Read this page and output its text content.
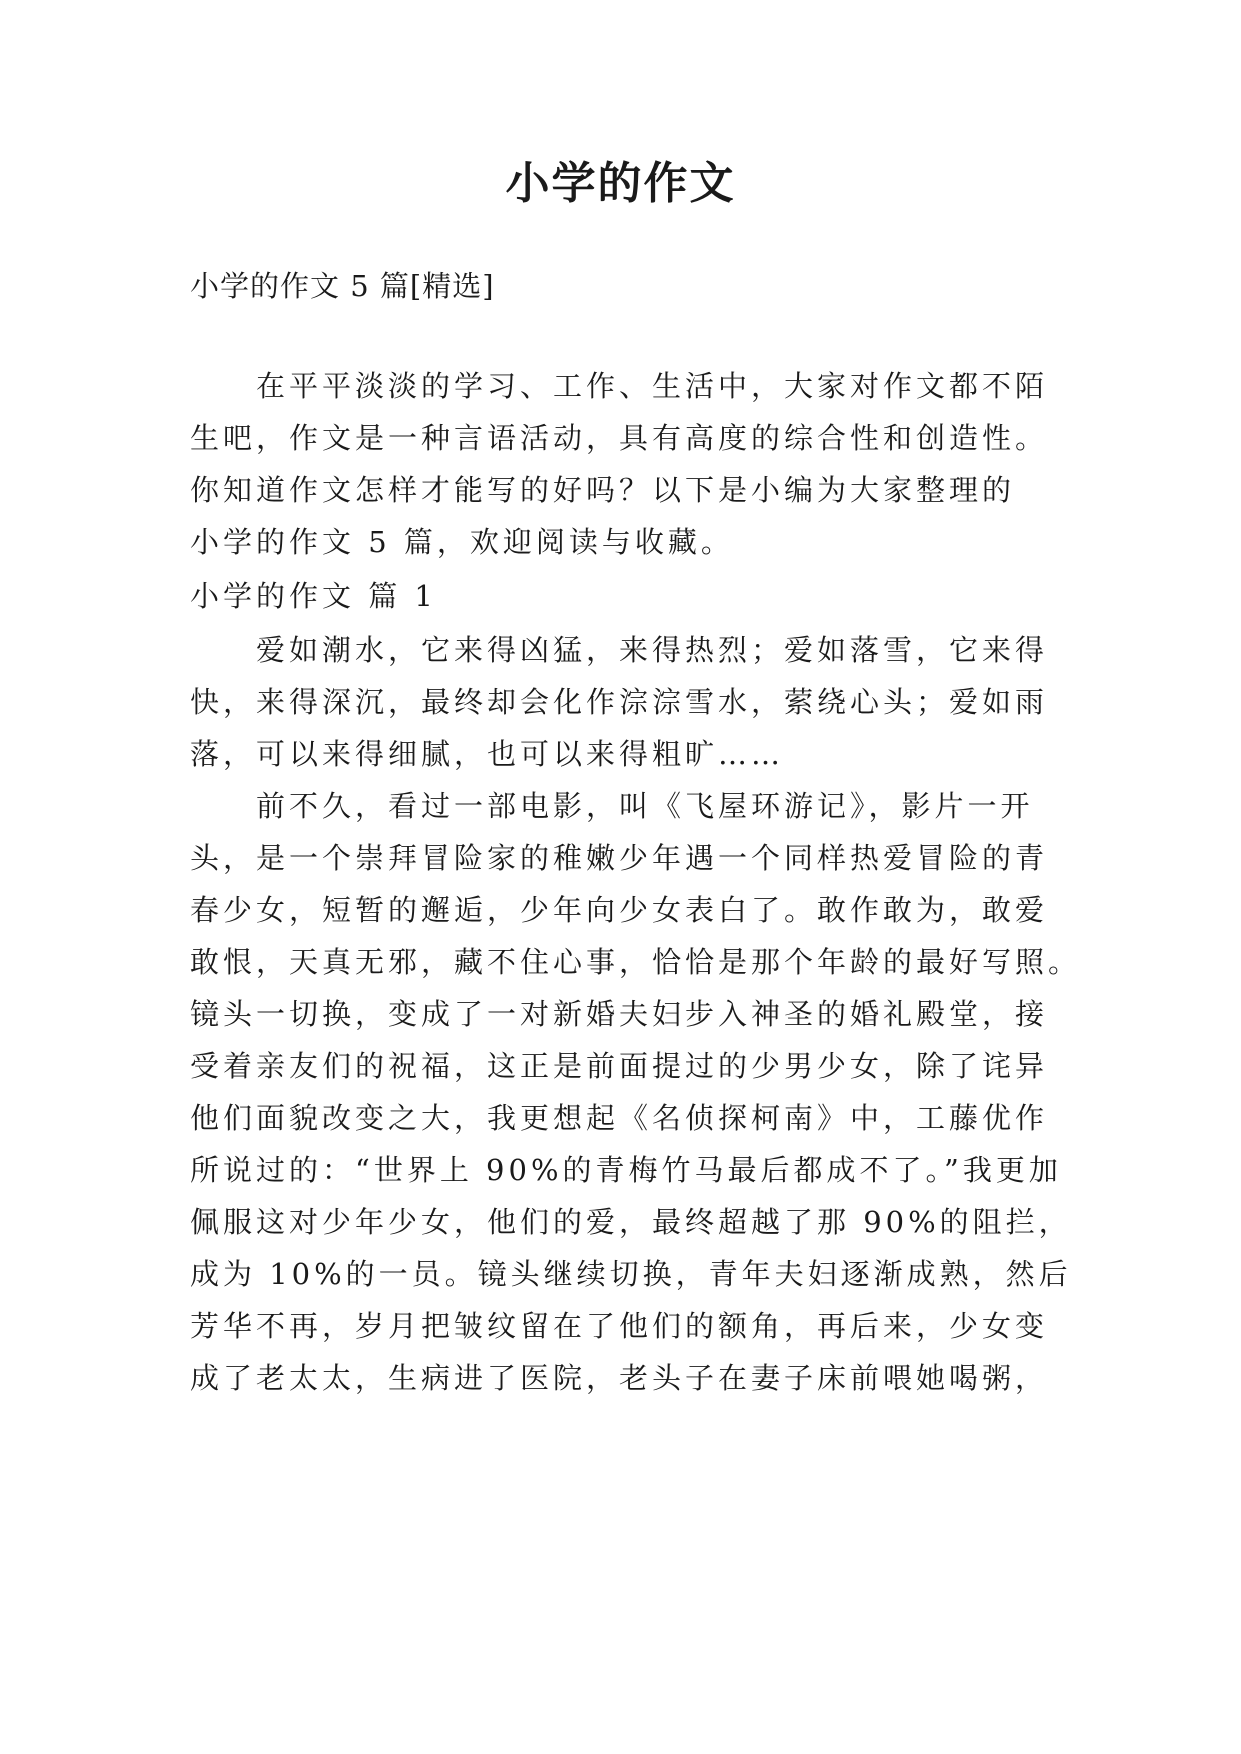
小学的作文
小学的作文 5 篇[精选]
在平平淡淡的学习、工作、生活中，大家对作文都不陌
生吧，作文是一种言语活动，具有高度的综合性和创造性。
你知道作文怎样才能写的好吗？以下是小编为大家整理的
小学的作文 5 篇，欢迎阅读与收藏。
小学的作文 篇 1
爱如潮水，它来得凶猛，来得热烈；爱如落雪，它来得
快，来得深沉，最终却会化作淙淙雪水，萦绕心头；爱如雨
落，可以来得细腻，也可以来得粗旷……
前不久，看过一部电影，叫《飞屋环游记》，影片一开
头，是一个崇拜冒险家的稚嫩少年遇一个同样热爱冒险的青
春少女，短暂的邂逅，少年向少女表白了。敢作敢为，敢爱
敢恨，天真无邪，藏不住心事，恰恰是那个年龄的最好写照。
镜头一切换，变成了一对新婚夫妇步入神圣的婚礼殿堂，接
受着亲友们的祝福，这正是前面提过的少男少女，除了诧异
他们面貌改变之大，我更想起《名侦探柯南》中，工藤优作
所说过的：“世界上 90%的青梅竹马最后都成不了。”我更加
佩服这对少年少女，他们的爱，最终超越了那 90%的阻拦，
成为 10%的一员。镜头继续切换，青年夫妇逐渐成熟，然后
芳华不再，岁月把皱纹留在了他们的额角，再后来，少女变
成了老太太，生病进了医院，老头子在妻子床前喂她喝粥，
